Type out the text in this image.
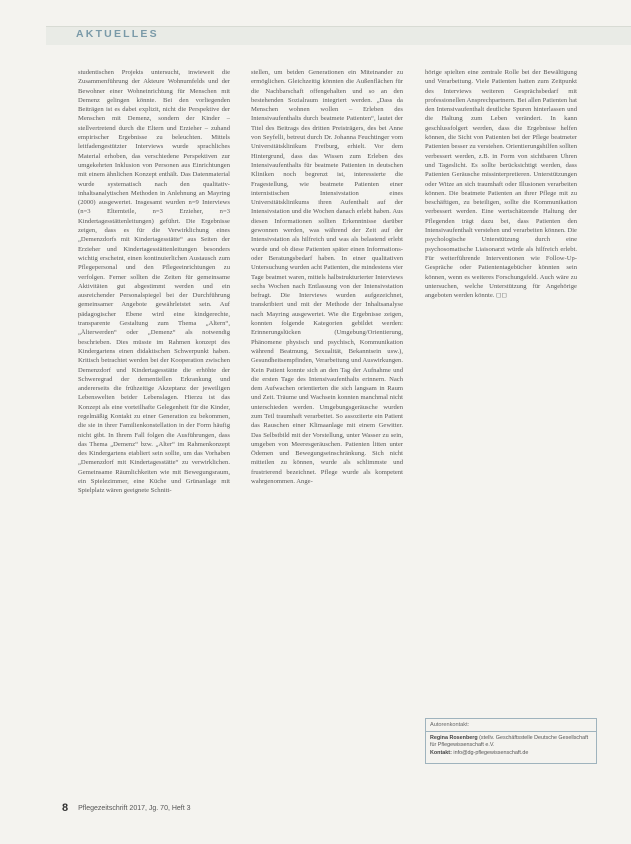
AKTUELLES

studentischen Projekts untersucht, inwieweit die Zusammenführung der Akteure Wohnumfelds und der Bewohner einer Wohneinrichtung für Menschen mit Demenz gelingen könnte. Bei den vorliegenden Beiträgen ist es dabei explizit, nicht die Perspektive der Menschen mit Demenz, sondern der Kinder – stellvertretend durch die Eltern und Erzieher – zuhand empirischer Ergebnisse zu beleuchten. Mittels leitfadengestützter Interviews wurde sprachliches Material erhoben, das verschiedene Perspektiven zur umgekehrten Inklusion von Personen aus Einrichtungen mit einem ähnlichen Konzept enthält. Das Datenmaterial wurde systematisch nach den qualitativ-inhaltsanalytischen Methoden in Anlehnung an Mayring (2000) ausgewertet. Insgesamt wurden n=9 Interviews (n=3 Elternteile, n=3 Erzieher, n=3 Kindertagesstättenleitungen) geführt. Die Ergebnisse zeigen, dass es für die Verwirklichung eines „Demenzdorfs mit Kindertagesstätte“ aus Seiten der Erzieher und Kindertagesstättenleitungen besonders wichtig erscheint, einen kontinuierlichen Austausch zum Pflegepersonal und den Pflegeeinrichtungen zu verfolgen. Ferner sollten die Zeiten für gemeinsame Aktivitäten gut abgestimmt werden und ein ausreichender Personalspiegel bei der Durchführung gemeinsamer Angebote gewährleistet sein. Auf pädagogischer Ebene wird eine kindgerechte, transparente Gestaltung zum Thema „Altern“, „Älterwerden“ oder „Demenz“ als notwendig beschrieben. Dies müsste im Rahmen konzept des Kindergartens einen didaktischen Schwerpunkt haben. Kritisch betrachtet werden bei der Kooperation zwischen Demenzdorf und Kindertagesstätte die erhöhte der Schweregrad der dementiellen Erkrankung und andererseits die frühzeitige Akzeptanz der jeweiligen Lebenswelten beider Lebenslagen. Hierzu ist das Konzept als eine vorteilhafte Gelegenheit für die Kinder, regelmäßig Kontakt zu einer Generation zu bekommen, die sie in ihrer Familienkonstellation in der Form häufig nicht gibt. In Ihrem Fall folgen die Ausführungen, dass das Thema „Demenz“ bzw. „Alter“ im Rahmenkonzept des Kindergartens etabliert sein sollte, um das Vorhaben „Demenzdorf mit Kindertagesstätte“ zu verwirklichen. Gemeinsame Räumlichkeiten wie mit Bewegungsraum, ein Spielezimmer, eine Küche und Grünanlage mit Spielplatz wären geeignete Schnitt-

stellen, um beiden Generationen ein Miteinander zu ermöglichen. Gleichzeitig könnten die Außenflächen für die Nachbarschaft offengehalten und so an den bestehenden Sozialraum integriert werden. „Dass da Menschen wohnen wollen – Erleben des Intensivaufenthalts durch beatmete Patienten“, lautet der Titel des Beitrags des dritten Preisträgers, des bei Anne von Seyfelli, betreut durch Dr. Johanna Feuchtinger vom Universitätsklinikum Freiburg, erhielt. Vor dem Hintergrund, dass das Wissen zum Erleben des Intensivaufenthalts für beatmete Patienten in deutschen Kliniken noch begrenzt ist, interessierte die Fragestellung, wie beatmete Patienten einer internistischen Intensivstation eines Universitätsklinikums ihren Aufenthalt auf der Intensivstation und die Wochen danach erlebt haben. Aus diesen Informationen sollten Erkenntnisse darüber gewonnen werden, was während der Zeit auf der Intensivstation als hilfreich und was als belastend erlebt wurde und ob diese Patienten später einen Informations- oder Beratungsbedarf haben. In einer qualitativen Untersuchung wurden acht Patienten, die mindestens vier Tage beatmet waren, mittels halbstrukturierter Interviews sechs Wochen nach Entlassung von der Intensivstation befragt. Die Interviews wurden aufgezeichnet, transkribiert und mit der Methode der Inhaltsanalyse nach Mayring ausgewertet. Wie die Ergebnisse zeigen, konnten folgende Kategorien gebildet werden: Erinnerungslücken (Umgebung/Orientierung, Phänomene physisch und psychisch, Kommunikation während Beatmung, Sexualität, Bekanntsein usw.), Gesundheitsempfinden, Verarbeitung und Auswirkungen. Kein Patient konnte sich an den Tag der Aufnahme und die ersten Tage des Intensivaufenthalts erinnern. Nach dem Aufwachen orientierten die sich langsam in Raum und Zeit. Träume und Wachsein konnten manchmal nicht unterschieden werden. Umgebungsgeräusche wurden zum Teil traumhaft verarbeitet. So assoziierte ein Patient das Rauschen einer Klimaanlage mit einem Gewitter. Das Selbstbild mit der Vorstellung, unter Wasser zu sein, umgeben von Meeresgeräuschen. Patienten litten unter Ödemen und Bewegungseinschränkung. Sich nicht mitteilen zu können, wurde als schlimmste und frustrierend bezeichnet. Pflege wurde als kompetent wahrgenommen. Ange-

hörige spielten eine zentrale Rolle bei der Bewältigung und Verarbeitung. Viele Patienten hatten zum Zeitpunkt des Interviews weiteren Gesprächsbedarf mit professionellen Ansprechpartnern. Bei allen Patienten hat den Intensivaufenthalt deutliche Spuren hinterlassen und die Haltung zum Leben verändert. In kann geschlussfolgert werden, dass die Ergebnisse helfen können, die Sicht von Patienten bei der Pflege beatmeter Patienten besser zu verstehen. Orientierungshilfen sollten verbessert werden, z.B. in Form von sichtbaren Uhren und Tageslicht. Es sollte berücksichtigt werden, dass Patienten Geräusche missinterpretieren. Unterstützungen oder Witze an sich traumhaft oder Illusionen verarbeiten können. Die beatmete Patienten an ihrer Pflege mit zu beschäftigen, zu beteiligen, sollte die Kommunikation verbessert werden. Eine wertschätzende Haltung der Pflegenden trägt dazu bei, dass Patienten den Intensivaufenthalt verstehen und verarbeiten können. Die psychologische Unterstützung durch eine psychosomatische Liaisonarzt würde als hilfreich erlebt. Für weiterführende Interventionen wie Follow-Up-Gespräche oder Patiententagebücher könnten sein können, wenn es weiteres Forschungsfeld. Auch wäre zu untersuchen, welche Unterstützung für Angehörige angeboten werden könnte. ◻◻

Autorenkontakt:
Regina Rosenberg (stellv. Geschäftsstelle Deutsche Gesellschaft für Pflegewissenschaft e.V.
Kontakt: info@dg-pflegewissenschaft.de
8 Pflegezeitschrift 2017, Jg. 70, Heft 3
